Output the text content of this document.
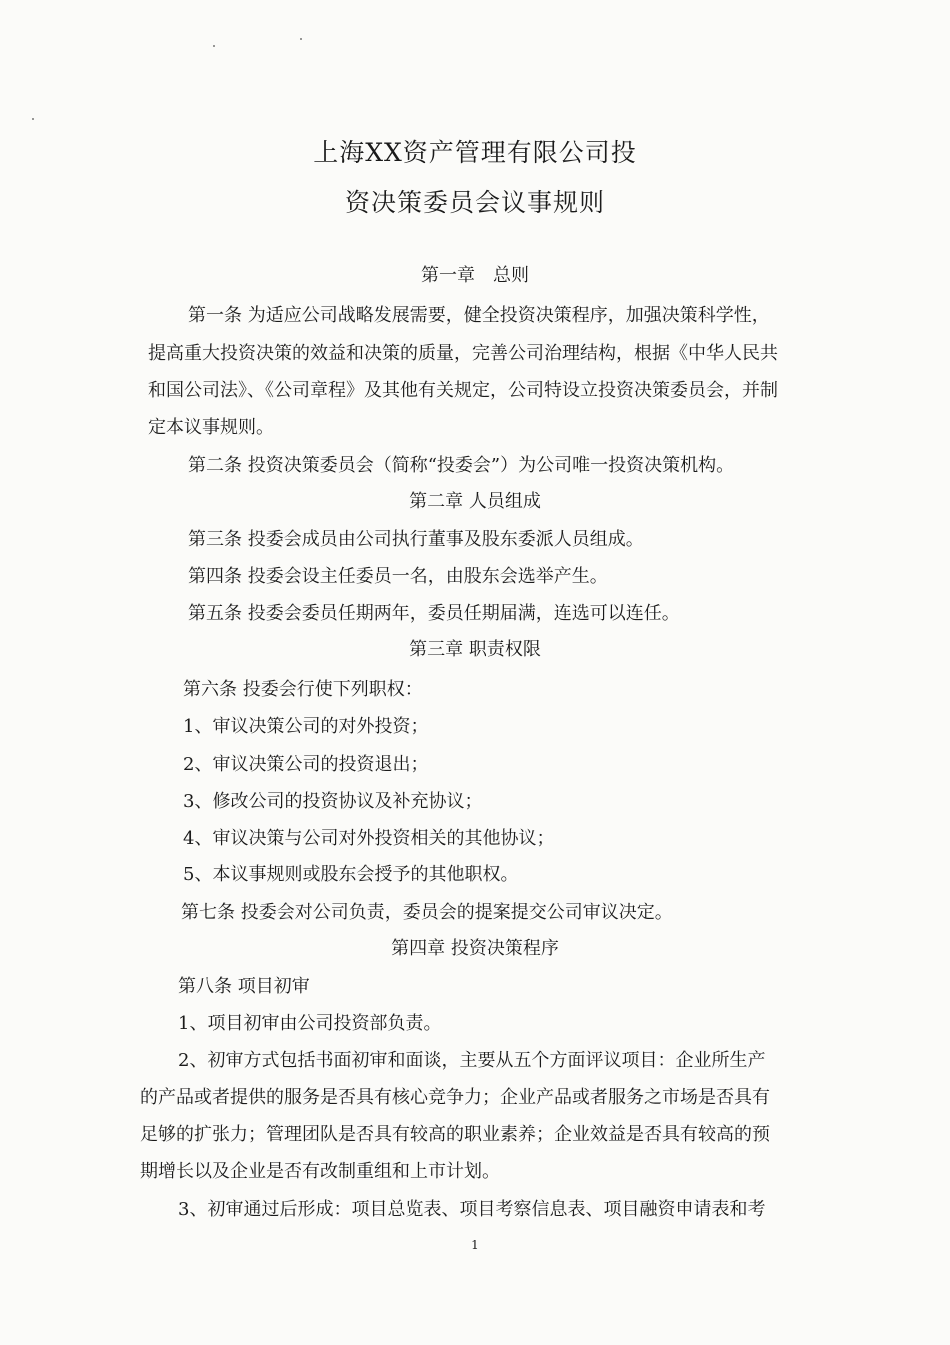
上海XX资产管理有限公司投
资决策委员会议事规则
第一章　总则
第一条 为适应公司战略发展需要，健全投资决策程序，加强决策科学性，
提高重大投资决策的效益和决策的质量，完善公司治理结构，根据《中华人民共
和国公司法》、《公司章程》及其他有关规定，公司特设立投资决策委员会，并制
定本议事规则。
第二条 投资决策委员会（简称“投委会”）为公司唯一投资决策机构。
第二章 人员组成
第三条 投委会成员由公司执行董事及股东委派人员组成。
第四条 投委会设主任委员一名，由股东会选举产生。
第五条 投委会委员任期两年，委员任期届满，连选可以连任。
第三章 职责权限
第六条 投委会行使下列职权：
1、审议决策公司的对外投资；
2、审议决策公司的投资退出；
3、修改公司的投资协议及补充协议；
4、审议决策与公司对外投资相关的其他协议；
5、本议事规则或股东会授予的其他职权。
第七条 投委会对公司负责，委员会的提案提交公司审议决定。
第四章 投资决策程序
第八条 项目初审
1、项目初审由公司投资部负责。
2、初审方式包括书面初审和面谈，主要从五个方面评议项目：企业所生产
的产品或者提供的服务是否具有核心竞争力；企业产品或者服务之市场是否具有
足够的扩张力；管理团队是否具有较高的职业素养；企业效益是否具有较高的预
期增长以及企业是否有改制重组和上市计划。
3、初审通过后形成：项目总览表、项目考察信息表、项目融资申请表和考
1
